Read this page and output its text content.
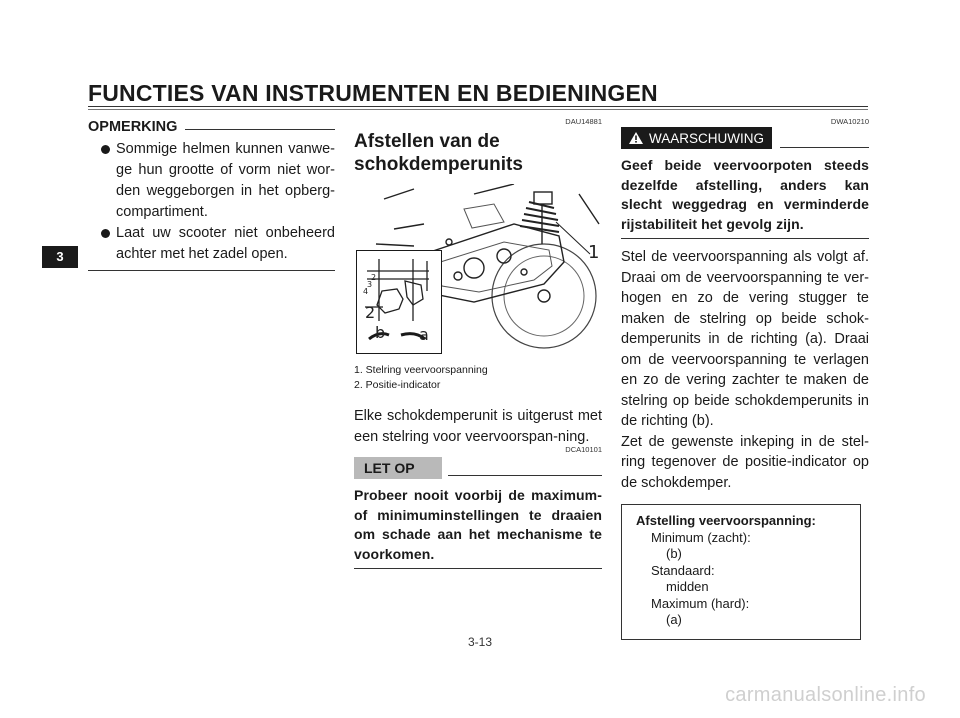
FUNCTIES VAN INSTRUMENTEN EN BEDIENINGEN
3
OPMERKING
Sommige helmen kunnen vanwe-ge hun grootte of vorm niet wor-den weggeborgen in het opberg-compartiment.
Laat uw scooter niet onbeheerd achter met het zadel open.
DAU14881
Afstellen van de schokdemperunits
4
3
2
2
b a
1
1. Stelring veervoorspanning
2. Positie-indicator
Elke schokdemperunit is uitgerust met een stelring voor veervoorspan-ning.
DCA10101
LET OP
Probeer nooit voorbij de maximum- of minimuminstellingen te draaien om schade aan het mechanisme te voorkomen.
DWA10210
WAARSCHUWING
Geef beide veervoorpoten steeds dezelfde afstelling, anders kan slecht weggedrag en verminderde rijstabiliteit het gevolg zijn.
Stel de veervoorspanning als volgt af. Draai om de veervoorspanning te ver-hogen en zo de vering stugger te maken de stelring op beide schok-demperunits in de richting (a). Draai om de veervoorspanning te verlagen en zo de vering zachter te maken de stelring op beide schokdemperunits in de richting (b).
Zet de gewenste inkeping in de stel-ring tegenover de positie-indicator op de schokdemper.
Afstelling veervoorspanning:
Minimum (zacht):
(b)
Standaard:
midden
Maximum (hard):
(a)
3-13
carmanualsonline.info
